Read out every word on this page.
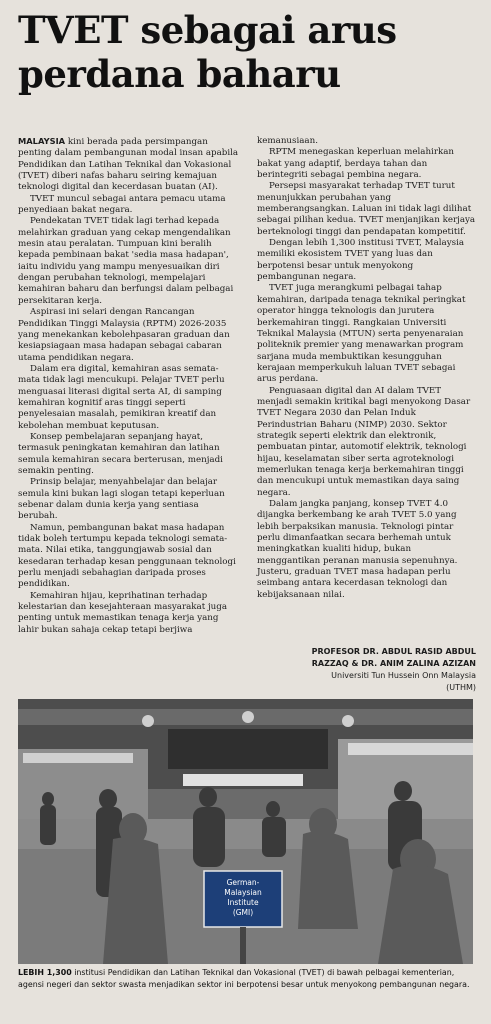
TVET sebagai arus
perdana baharu

MALAYSIA kini berada pada persimpangan penting dalam pembangunan modal insan apabila Pendidikan dan Latihan Teknikal dan Vokasional (TVET) diberi nafas baharu seiring kemajuan teknologi digital dan kecerdasan buatan (AI).

TVET muncul sebagai antara pemacu utama penyediaan bakat negara.

Pendekatan TVET tidak lagi terhad kepada melahirkan graduan yang cekap mengendalikan mesin atau peralatan. Tumpuan kini beralih kepada pembinaan bakat 'sedia masa hadapan', iaitu individu yang mampu menyesuaikan diri dengan perubahan teknologi, mempelajari kemahiran baharu dan berfungsi dalam pelbagai persekitaran kerja.

Aspirasi ini selari dengan Rancangan Pendidikan Tinggi Malaysia (RPTM) 2026-2035 yang menekankan kebolehpasaran graduan dan kesiapsiagaan masa hadapan sebagai cabaran utama pendidikan negara.

Dalam era digital, kemahiran asas semata-mata tidak lagi mencukupi. Pelajar TVET perlu menguasai literasi digital serta AI, di samping kemahiran kognitif aras tinggi seperti penyelesaian masalah, pemikiran kreatif dan kebolehan membuat keputusan.

Konsep pembelajaran sepanjang hayat, termasuk peningkatan kemahiran dan latihan semula kemahiran secara berterusan, menjadi semakin penting.

Prinsip belajar, menyahbelajar dan belajar semula kini bukan lagi slogan tetapi keperluan sebenar dalam dunia kerja yang sentiasa berubah.

Namun, pembangunan bakat masa hadapan tidak boleh tertumpu kepada teknologi semata-mata. Nilai etika, tanggungjawab sosial dan kesedaran terhadap kesan penggunaan teknologi perlu menjadi sebahagian daripada proses pendidikan.

Kemahiran hijau, keprihatinan terhadap kelestarian dan kesejahteraan masyarakat juga penting untuk memastikan tenaga kerja yang lahir bukan sahaja cekap tetapi berjiwa

kemanusiaan.

RPTM menegaskan keperluan melahirkan bakat yang adaptif, berdaya tahan dan berintegriti sebagai pembina negara.

Persepsi masyarakat terhadap TVET turut menunjukkan perubahan yang memberangsangkan. Laluan ini tidak lagi dilihat sebagai pilihan kedua. TVET menjanjikan kerjaya berteknologi tinggi dan pendapatan kompetitif.

Dengan lebih 1,300 institusi TVET, Malaysia memiliki ekosistem TVET yang luas dan berpotensi besar untuk menyokong pembangunan negara.

TVET juga merangkumi pelbagai tahap kemahiran, daripada tenaga teknikal peringkat operator hingga teknologis dan jurutera berkemahiran tinggi. Rangkaian Universiti Teknikal Malaysia (MTUN) serta penyenaraian politeknik premier yang menawarkan program sarjana muda membuktikan kesungguhan kerajaan memperkukuh laluan TVET sebagai arus perdana.

Penguasaan digital dan AI dalam TVET menjadi semakin kritikal bagi menyokong Dasar TVET Negara 2030 dan Pelan Induk Perindustrian Baharu (NIMP) 2030. Sektor strategik seperti elektrik dan elektronik, pembuatan pintar, automotif elektrik, teknologi hijau, keselamatan siber serta agroteknologi memerlukan tenaga kerja berkemahiran tinggi dan mencukupi untuk memastikan daya saing negara.

Dalam jangka panjang, konsep TVET 4.0 dijangka berkembang ke arah TVET 5.0 yang lebih berpaksikan manusia. Teknologi pintar perlu dimanfaatkan secara berhemah untuk meningkatkan kualiti hidup, bukan menggantikan peranan manusia sepenuhnya. Justeru, graduan TVET masa hadapan perlu seimbang antara kecerdasan teknologi dan kebijaksanaan nilai.

PROFESOR DR. ABDUL RASID ABDUL
RAZZAQ & DR. ANIM ZALINA AZIZAN
Universiti Tun Hussein Onn Malaysia (UTHM)
German-
Malaysian
Institute
(GMI)
LEBIH 1,300 institusi Pendidikan dan Latihan Teknikal dan Vokasional (TVET) di bawah pelbagai kementerian, agensi negeri dan sektor swasta menjadikan sektor ini berpotensi besar untuk menyokong pembangunan negara.
